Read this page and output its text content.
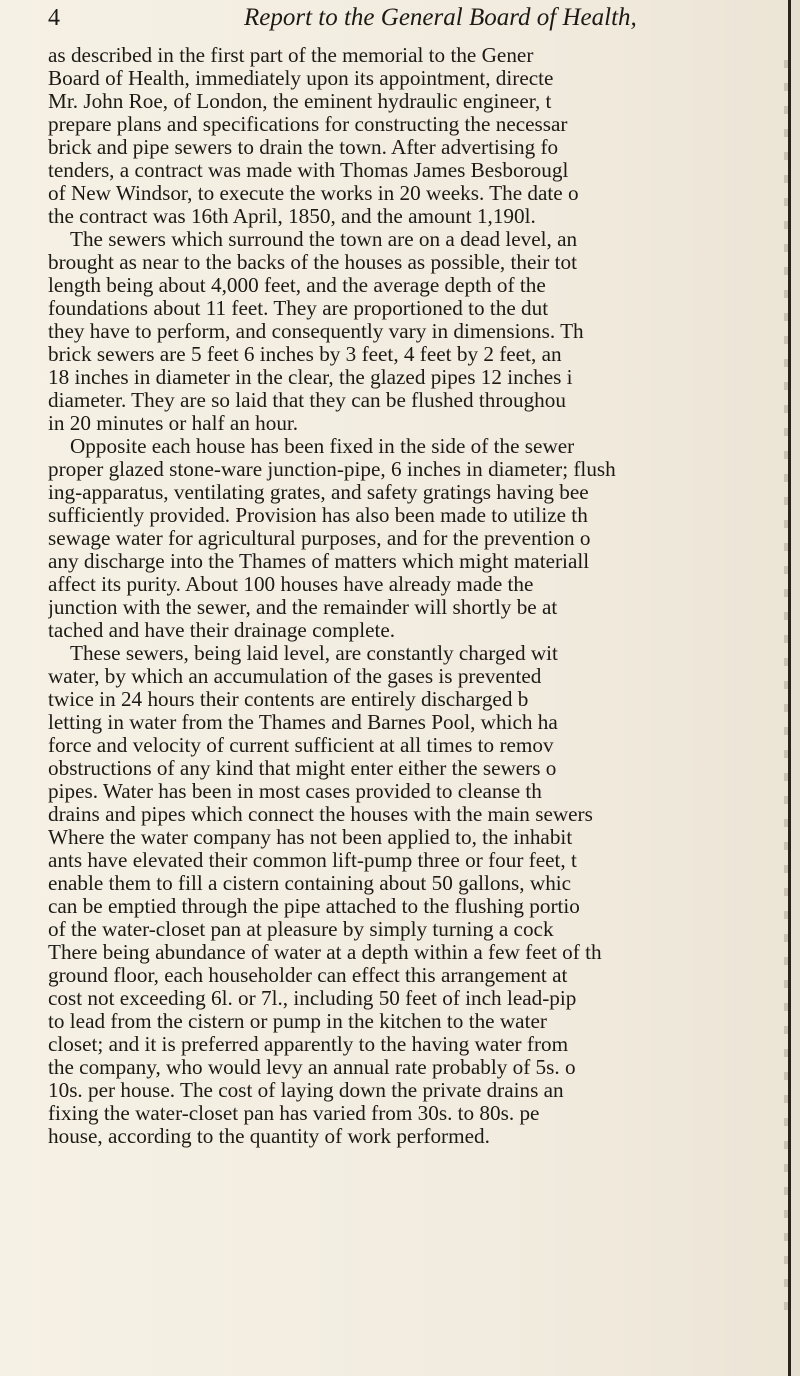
4	Report to the General Board of Health,
as described in the first part of the memorial to the Gener
Board of Health, immediately upon its appointment, directe
Mr. John Roe, of London, the eminent hydraulic engineer, t
prepare plans and specifications for constructing the necessar
brick and pipe sewers to drain the town. After advertising fo
tenders, a contract was made with Thomas James Besborougl
of New Windsor, to execute the works in 20 weeks. The date o
the contract was 16th April, 1850, and the amount 1,190l.
The sewers which surround the town are on a dead level, an
brought as near to the backs of the houses as possible, their tot
length being about 4,000 feet, and the average depth of the
foundations about 11 feet. They are proportioned to the dut
they have to perform, and consequently vary in dimensions. Th
brick sewers are 5 feet 6 inches by 3 feet, 4 feet by 2 feet, an
18 inches in diameter in the clear, the glazed pipes 12 inches i
diameter. They are so laid that they can be flushed throughou
in 20 minutes or half an hour.
Opposite each house has been fixed in the side of the sewer
proper glazed stone-ware junction-pipe, 6 inches in diameter; flush
ing-apparatus, ventilating grates, and safety gratings having bee
sufficiently provided. Provision has also been made to utilize th
sewage water for agricultural purposes, and for the prevention o
any discharge into the Thames of matters which might materiall
affect its purity. About 100 houses have already made the
junction with the sewer, and the remainder will shortly be at
tached and have their drainage complete.
These sewers, being laid level, are constantly charged wit
water, by which an accumulation of the gases is prevented
twice in 24 hours their contents are entirely discharged b
letting in water from the Thames and Barnes Pool, which ha
force and velocity of current sufficient at all times to remov
obstructions of any kind that might enter either the sewers o
pipes. Water has been in most cases provided to cleanse th
drains and pipes which connect the houses with the main sewers
Where the water company has not been applied to, the inhabit
ants have elevated their common lift-pump three or four feet, t
enable them to fill a cistern containing about 50 gallons, whic
can be emptied through the pipe attached to the flushing portio
of the water-closet pan at pleasure by simply turning a cock
There being abundance of water at a depth within a few feet of th
ground floor, each householder can effect this arrangement at
cost not exceeding 6l. or 7l., including 50 feet of inch lead-pip
to lead from the cistern or pump in the kitchen to the water
closet; and it is preferred apparently to the having water from
the company, who would levy an annual rate probably of 5s. o
10s. per house. The cost of laying down the private drains an
fixing the water-closet pan has varied from 30s. to 80s. pe
house, according to the quantity of work performed.
